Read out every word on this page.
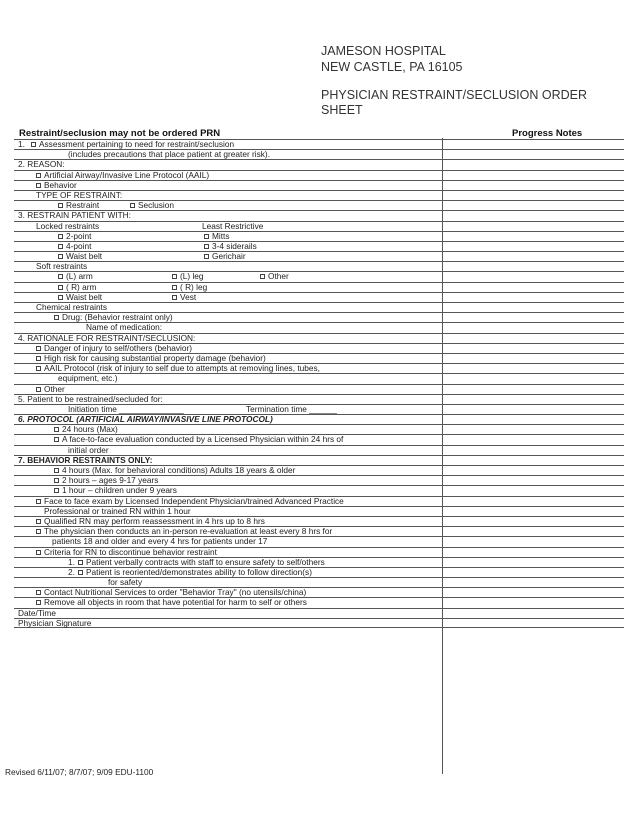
JAMESON HOSPITAL
NEW CASTLE, PA 16105
PHYSICIAN RESTRAINT/SECLUSION ORDER
SHEET
Restraint/seclusion may not be ordered PRN	Progress Notes
1.	Assessment pertaining to need for restraint/seclusion
(includes precautions that place patient at greater risk).
2. REASON:
Artificial Airway/Invasive Line Protocol (AAIL)
Behavior
TYPE OF RESTRAINT:
Restraint	Seclusion
3. RESTRAIN PATIENT WITH:
Locked restraints	Least Restrictive
2-point	Mitts
4-point	3-4 siderails
Waist belt	Gerichair
Soft restraints
(L) arm	(L) leg	Other
( R) arm	( R) leg
Waist belt	Vest
Chemical restraints
Drug: (Behavior restraint only)
Name of medication:
4. RATIONALE FOR RESTRAINT/SECLUSION:
Danger of injury to self/others (behavior)
High risk for causing substantial property damage (behavior)
AAIL Protocol (risk of injury to self due to attempts at removing lines, tubes,
equipment, etc.)
Other
5. Patient to be restrained/secluded for:
Initiation time ______________	Termination time ______
6. PROTOCOL (ARTIFICIAL AIRWAY/INVASIVE LINE PROTOCOL)
24 hours (Max)
A face-to-face evaluation conducted by a Licensed Physician within 24 hrs of
initial order
7. BEHAVIOR RESTRAINTS ONLY:
4 hours (Max. for behavioral conditions) Adults 18 years & older
2 hours – ages 9-17 years
1 hour – children under 9 years
Face to face exam by Licensed Independent Physician/trained Advanced Practice
Professional or trained RN within 1 hour
Qualified RN may perform reassessment in 4 hrs up to 8 hrs
The physician then conducts an in-person re-evaluation at least every 8 hrs for
patients 18 and older and every 4 hrs for patients under 17
Criteria for RN to discontinue behavior restraint
1.	Patient verbally contracts with staff to ensure safety to self/others
2.	Patient is reoriented/demonstrates ability to follow direction(s)
for safety
Contact Nutritional Services to order "Behavior Tray" (no utensils/china)
Remove all objects in room that have potential for harm to self or others
Date/Time
Physician Signature
Revised 6/11/07; 8/7/07; 9/09 EDU-1100
